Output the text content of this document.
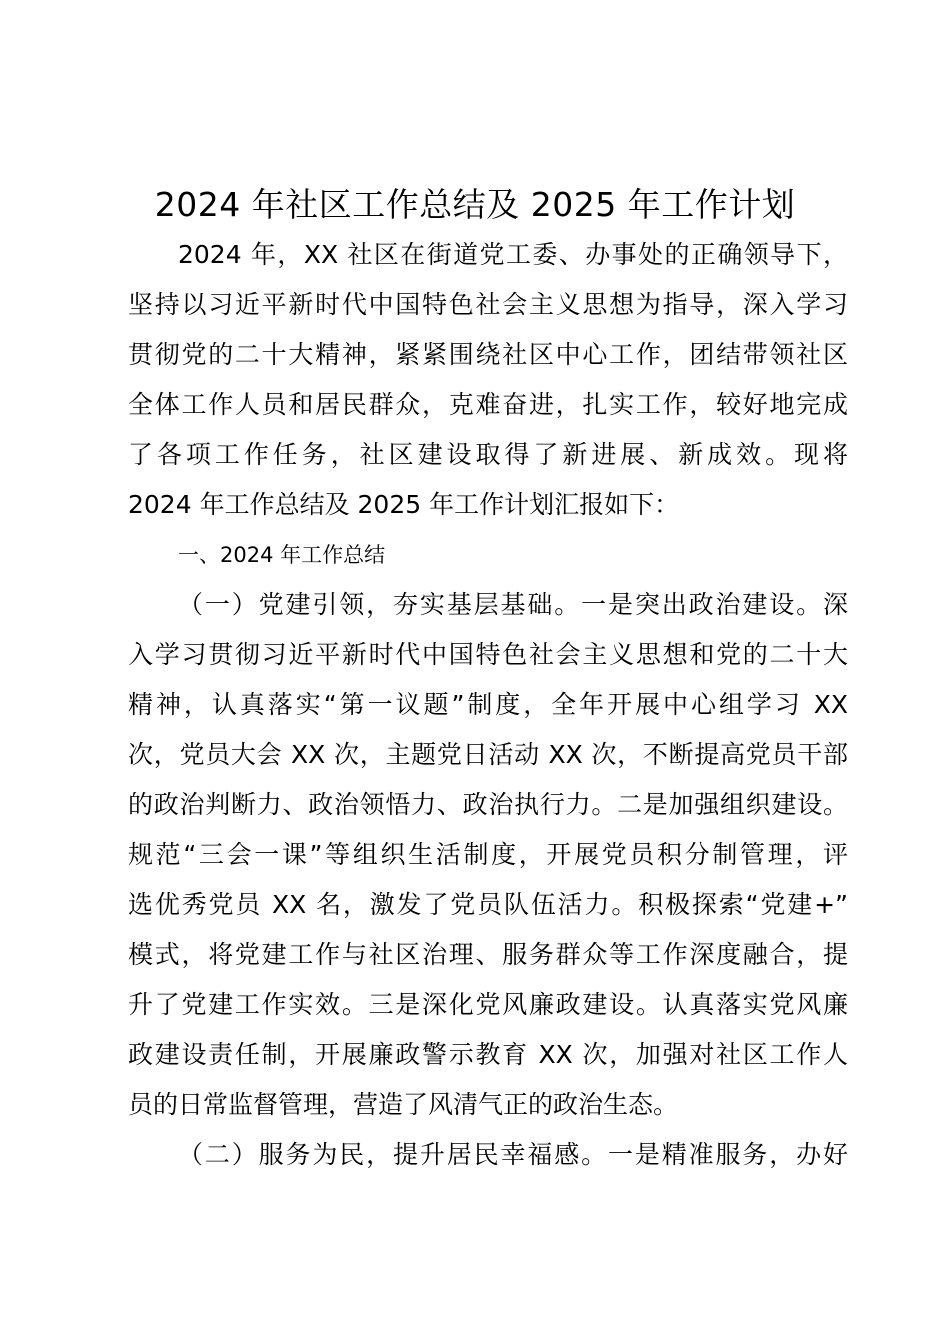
2024 年社区工作总结及 2025 年工作计划

2024 年，XX 社区在街道党工委、办事处的正确领导下，

坚持以习近平新时代中国特色社会主义思想为指导，深入学习

贯彻党的二十大精神，紧紧围绕社区中心工作，团结带领社区

全体工作人员和居民群众，克难奋进，扎实工作，较好地完成

了各项工作任务，社区建设取得了新进展、新成效。现将

2024 年工作总结及 2025 年工作计划汇报如下：

一、2024 年工作总结

（一）党建引领，夯实基层基础。一是突出政治建设。深

入学习贯彻习近平新时代中国特色社会主义思想和党的二十大

精神，认真落实“第一议题”制度，全年开展中心组学习 XX

次，党员大会 XX 次，主题党日活动 XX 次，不断提高党员干部

的政治判断力、政治领悟力、政治执行力。二是加强组织建设。

规范“三会一课”等组织生活制度，开展党员积分制管理，评

选优秀党员 XX 名，激发了党员队伍活力。积极探索“党建+”

模式，将党建工作与社区治理、服务群众等工作深度融合，提

升了党建工作实效。三是深化党风廉政建设。认真落实党风廉

政建设责任制，开展廉政警示教育 XX 次，加强对社区工作人

员的日常监督管理，营造了风清气正的政治生态。

（二）服务为民，提升居民幸福感。一是精准服务，办好
